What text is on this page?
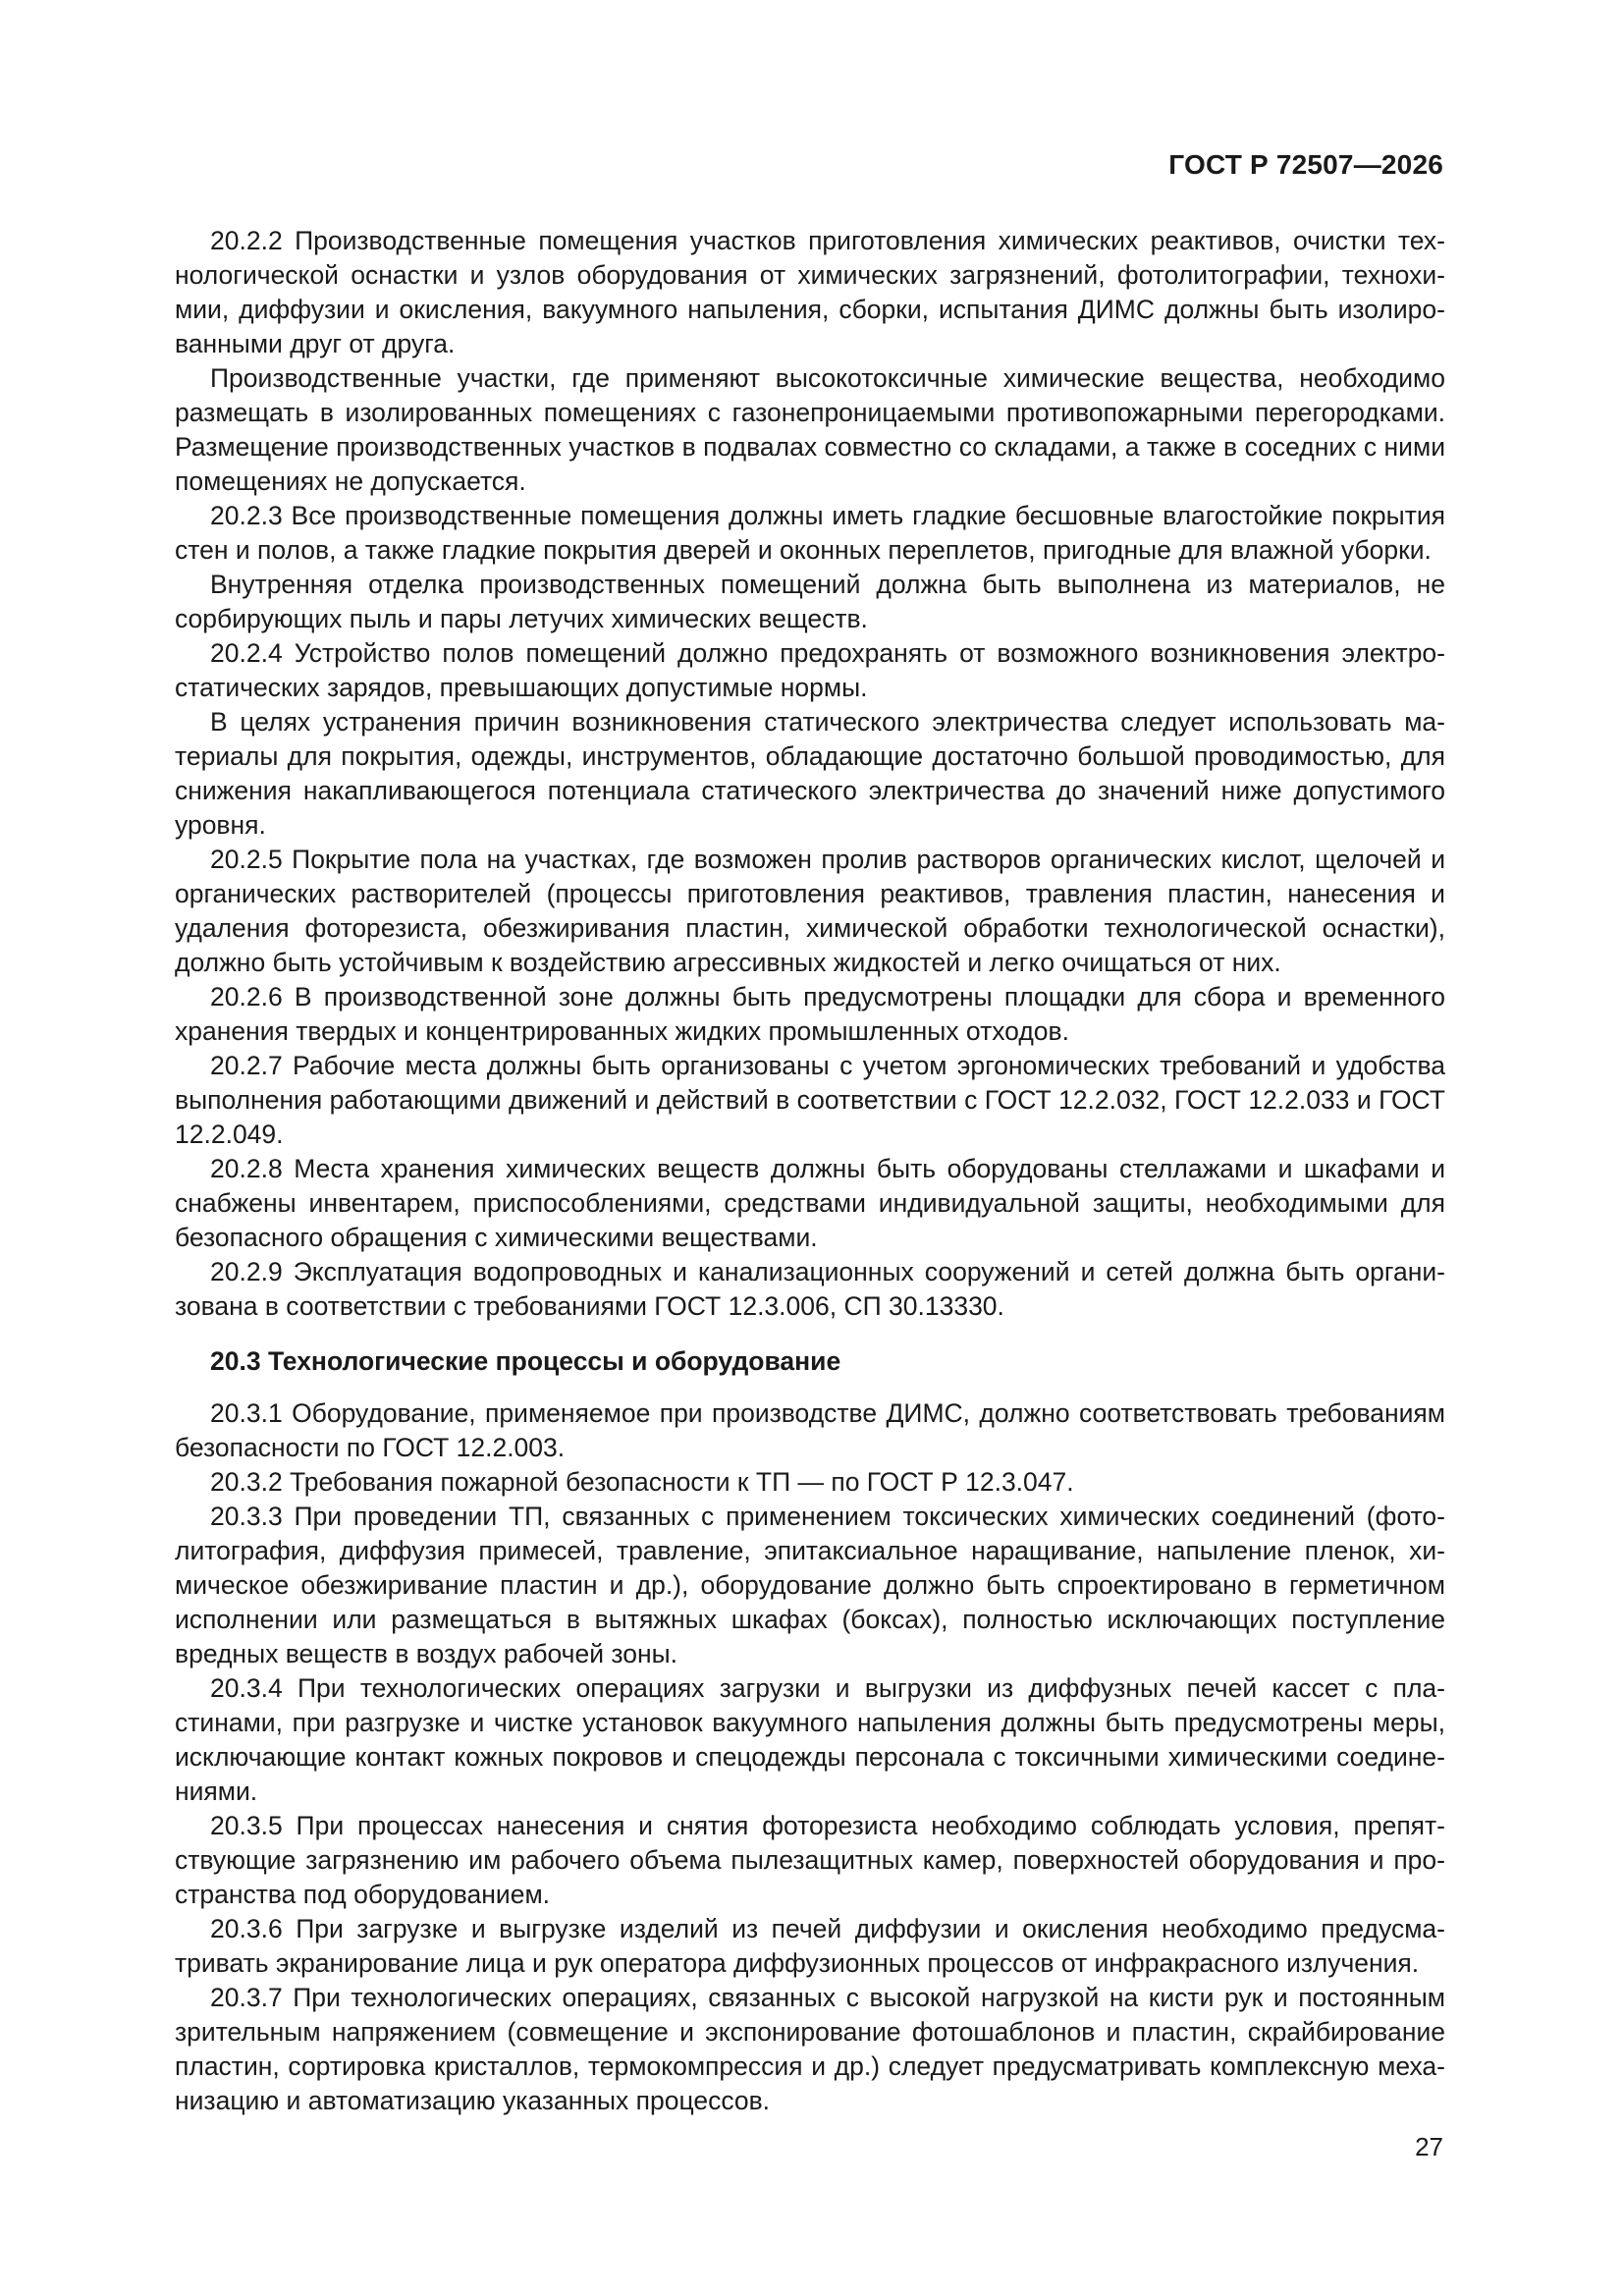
ГОСТ Р 72507—2026

20.2.2 Производственные помещения участков приготовления химических реактивов, очистки технологической оснастки и узлов оборудования от химических загрязнений, фотолитографии, технохимии, диффузии и окисления, вакуумного напыления, сборки, испытания ДИМС должны быть изолированными друг от друга.

Производственные участки, где применяют высокотоксичные химические вещества, необходимо размещать в изолированных помещениях с газонепроницаемыми противопожарными перегородками. Размещение производственных участков в подвалах совместно со складами, а также в соседних с ними помещениях не допускается.

20.2.3 Все производственные помещения должны иметь гладкие бесшовные влагостойкие покрытия стен и полов, а также гладкие покрытия дверей и оконных переплетов, пригодные для влажной уборки.

Внутренняя отделка производственных помещений должна быть выполнена из материалов, не сорбирующих пыль и пары летучих химических веществ.

20.2.4 Устройство полов помещений должно предохранять от возможного возникновения электростатических зарядов, превышающих допустимые нормы.

В целях устранения причин возникновения статического электричества следует использовать материалы для покрытия, одежды, инструментов, обладающие достаточно большой проводимостью, для снижения накапливающегося потенциала статического электричества до значений ниже допустимого уровня.

20.2.5 Покрытие пола на участках, где возможен пролив растворов органических кислот, щелочей и органических растворителей (процессы приготовления реактивов, травления пластин, нанесения и удаления фоторезиста, обезжиривания пластин, химической обработки технологической оснастки), должно быть устойчивым к воздействию агрессивных жидкостей и легко очищаться от них.

20.2.6 В производственной зоне должны быть предусмотрены площадки для сбора и временного хранения твердых и концентрированных жидких промышленных отходов.

20.2.7 Рабочие места должны быть организованы с учетом эргономических требований и удобства выполнения работающими движений и действий в соответствии с ГОСТ 12.2.032, ГОСТ 12.2.033 и ГОСТ 12.2.049.

20.2.8 Места хранения химических веществ должны быть оборудованы стеллажами и шкафами и снабжены инвентарем, приспособлениями, средствами индивидуальной защиты, необходимыми для безопасного обращения с химическими веществами.

20.2.9 Эксплуатация водопроводных и канализационных сооружений и сетей должна быть организована в соответствии с требованиями ГОСТ 12.3.006, СП 30.13330.

20.3 Технологические процессы и оборудование

20.3.1 Оборудование, применяемое при производстве ДИМС, должно соответствовать требованиям безопасности по ГОСТ 12.2.003.

20.3.2 Требования пожарной безопасности к ТП — по ГОСТ Р 12.3.047.

20.3.3 При проведении ТП, связанных с применением токсических химических соединений (фотолитография, диффузия примесей, травление, эпитаксиальное наращивание, напыление пленок, химическое обезжиривание пластин и др.), оборудование должно быть спроектировано в герметичном исполнении или размещаться в вытяжных шкафах (боксах), полностью исключающих поступление вредных веществ в воздух рабочей зоны.

20.3.4 При технологических операциях загрузки и выгрузки из диффузных печей кассет с пластинами, при разгрузке и чистке установок вакуумного напыления должны быть предусмотрены меры, исключающие контакт кожных покровов и спецодежды персонала с токсичными химическими соединениями.

20.3.5 При процессах нанесения и снятия фоторезиста необходимо соблюдать условия, препятствующие загрязнению им рабочего объема пылезащитных камер, поверхностей оборудования и пространства под оборудованием.

20.3.6 При загрузке и выгрузке изделий из печей диффузии и окисления необходимо предусматривать экранирование лица и рук оператора диффузионных процессов от инфракрасного излучения.

20.3.7 При технологических операциях, связанных с высокой нагрузкой на кисти рук и постоянным зрительным напряжением (совмещение и экспонирование фотошаблонов и пластин, скрайбирование пластин, сортировка кристаллов, термокомпрессия и др.) следует предусматривать комплексную механизацию и автоматизацию указанных процессов.

27
